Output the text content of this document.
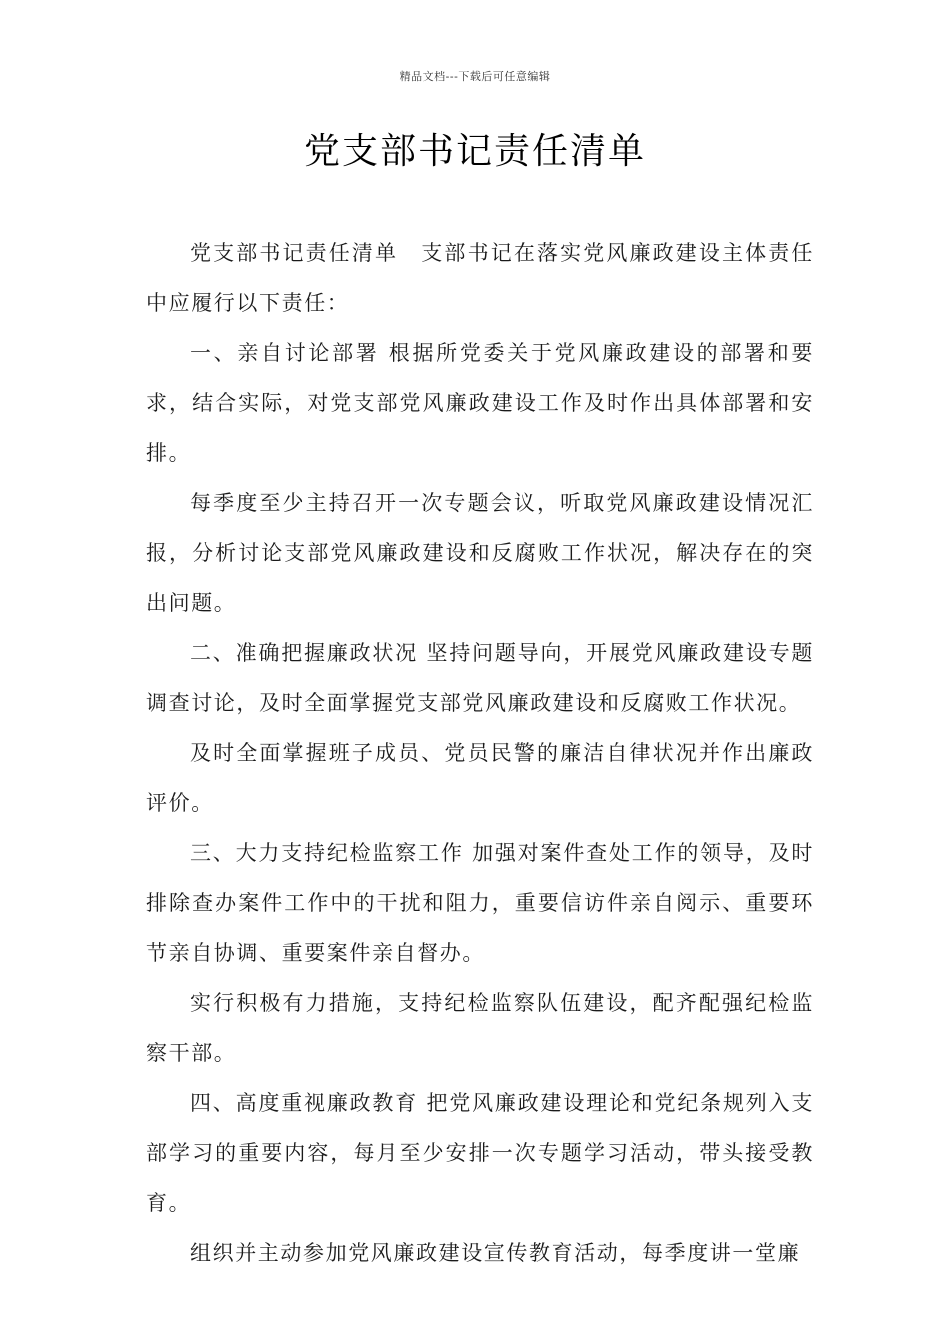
精品文档---下载后可任意编辑
党支部书记责任清单

党支部书记责任清单　支部书记在落实党风廉政建设主体责任中应履行以下责任：

一、亲自讨论部署 根据所党委关于党风廉政建设的部署和要求，结合实际，对党支部党风廉政建设工作及时作出具体部署和安排。

每季度至少主持召开一次专题会议，听取党风廉政建设情况汇报，分析讨论支部党风廉政建设和反腐败工作状况，解决存在的突出问题。

二、准确把握廉政状况 坚持问题导向，开展党风廉政建设专题调查讨论，及时全面掌握党支部党风廉政建设和反腐败工作状况。

及时全面掌握班子成员、党员民警的廉洁自律状况并作出廉政评价。

三、大力支持纪检监察工作 加强对案件查处工作的领导，及时排除查办案件工作中的干扰和阻力，重要信访件亲自阅示、重要环节亲自协调、重要案件亲自督办。

实行积极有力措施，支持纪检监察队伍建设，配齐配强纪检监察干部。

四、高度重视廉政教育 把党风廉政建设理论和党纪条规列入支部学习的重要内容，每月至少安排一次专题学习活动，带头接受教育。

组织并主动参加党风廉政建设宣传教育活动，每季度讲一堂廉
